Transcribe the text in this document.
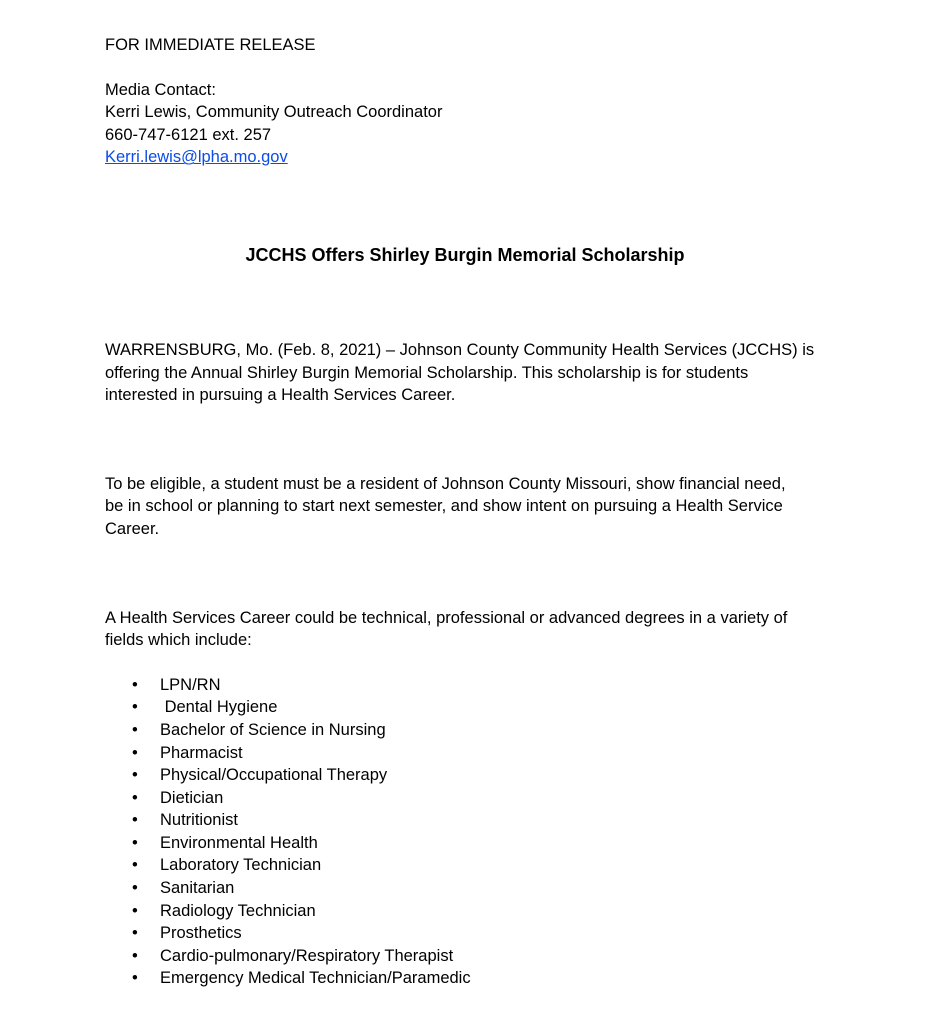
FOR IMMEDIATE RELEASE
Media Contact:
Kerri Lewis, Community Outreach Coordinator
660-747-6121 ext. 257
Kerri.lewis@lpha.mo.gov
JCCHS Offers Shirley Burgin Memorial Scholarship
WARRENSBURG, Mo. (Feb. 8, 2021) – Johnson County Community Health Services (JCCHS) is
offering the Annual Shirley Burgin Memorial Scholarship. This scholarship is for students
interested in pursuing a Health Services Career.
To be eligible, a student must be a resident of Johnson County Missouri, show financial need,
be in school or planning to start next semester, and show intent on pursuing a Health Service
Career.
A Health Services Career could be technical, professional or advanced degrees in a variety of
fields which include:
• LPN/RN
• Dental Hygiene
• Bachelor of Science in Nursing
• Pharmacist
• Physical/Occupational Therapy
• Dietician
• Nutritionist
• Environmental Health
• Laboratory Technician
• Sanitarian
• Radiology Technician
• Prosthetics
• Cardio-pulmonary/Respiratory Therapist
• Emergency Medical Technician/Paramedic
